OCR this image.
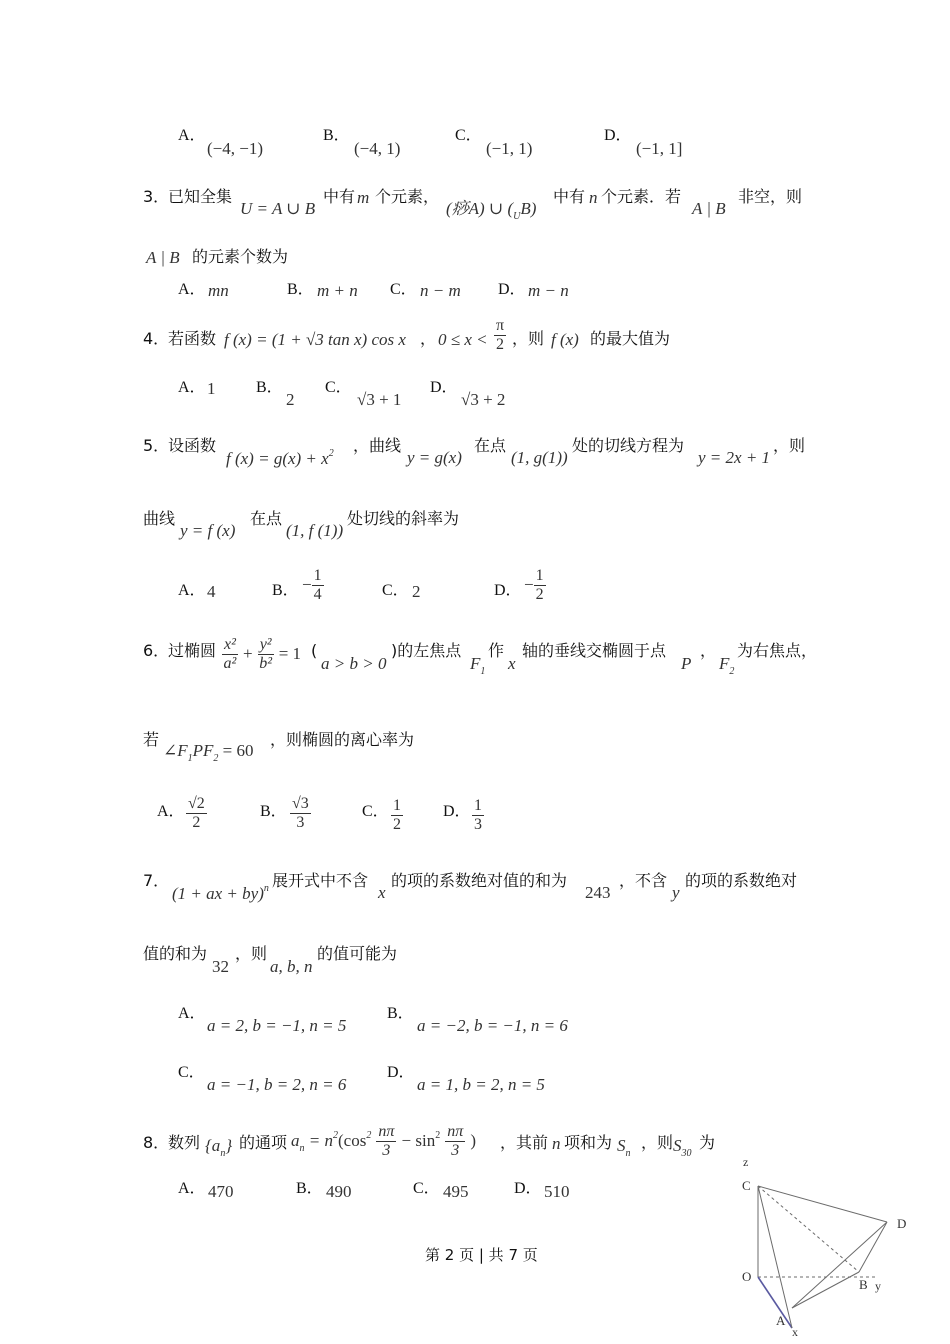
A．
(−4, −1)
B．
(−4, 1)
C．
(−1, 1)
D．
(−1, 1]
3．
已知全集
U = A ∪ B
中有 m 个元素，
(痧A) ∪ $(_UB)$
中有 n 个元素．若
A | B
非空，则
A | B 的元素个数为
A． mn	B． m + n C． n − m D． m − n
4．
若函数 f (x) = (1 + √3 tan x) cos x ， $0 \le x < \frac{\pi}{2}$ ，则 f (x) 的最大值为
A． 1	B．
2
C．
√3 + 1
D．
√3 + 2
5．
设函数
f $(x) = g(x) + x^2$ ，曲线
y = g(x)
在点
(1, g(1))
处的切线方程为
y = 2x + 1
，则
曲线
y = f (x)
在点
(1, f (1))
处切线的斜率为
A． 4	B． − $\frac{1}{4}$	C． 2	D． − $\frac{1}{2}$
6．
过椭圆 $\frac{\text{x²}}{\text{a²}} + \frac{\text{y²}}{\text{b²}} = 1$ (
a > b > 0
)的左焦点
$F_1$
作
x
轴的垂线交椭圆于点
P
，
$F_2$
为右焦点，
若
$\angle F_1PF_2 = 60$
，则椭圆的离心率为
A． $\frac{√2}{2}$	B． $\frac{√3}{3}$	C． $\frac{1}{2}$	D． $\frac{1}{3}$
7．
(1 + ax + by)$^n$ 展开式中不含
x
的项的系数绝对值的和为
243
，不含
y
的项的系数绝对
值的和为
32
，则
a, b, n
的值可能为
A．
a = 2, b = −1, n = 5
B．
a = −2, b = −1, n = 6
C．
a = −1, b = 2, n = 6
D．
a = 1, b = 2, n = 5
8．
数列 $\{a_n\}$ 的通项 $a_n = n^2(\cos^2 \frac{n\pi}{3} - \sin^2 \frac{n\pi}{3}$ ) ，其前 n 项和为 $S_n$
，则 $S_{30}$
为
A． 470	B． 490	C． 495	D． 510
z
C
D
O
B y
A
x
第 2 页 | 共 7 页
